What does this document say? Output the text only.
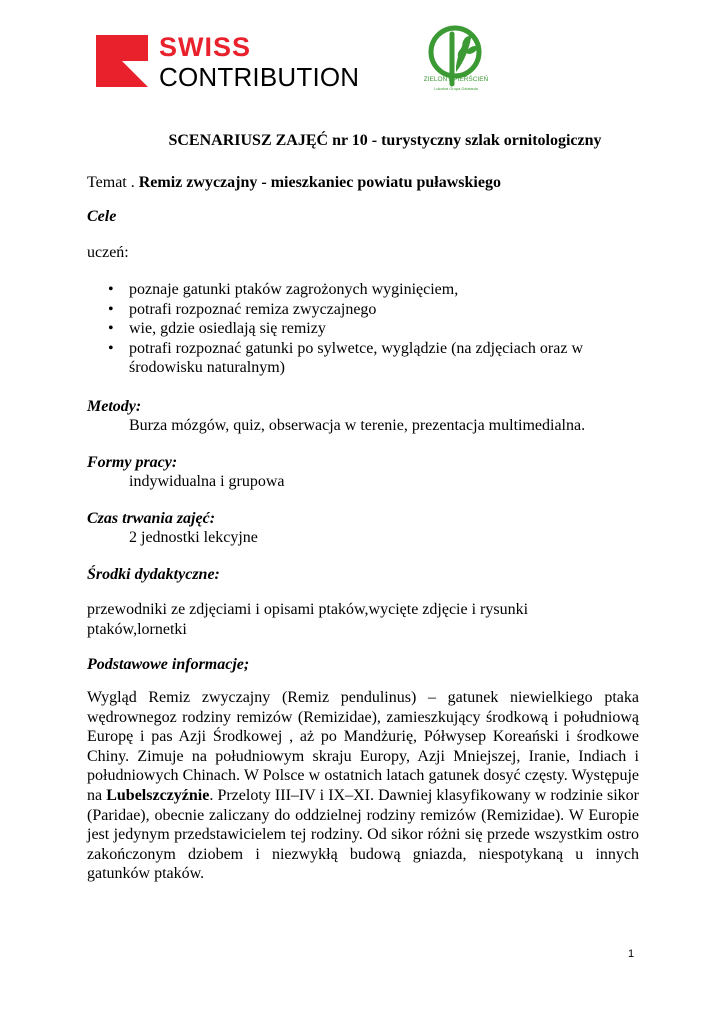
SWISS
CONTRIBUTION	ZIELONY PIERŚCIEŃ
Lokalna Grupa Działania
SCENARIUSZ ZAJĘĆ nr 10 - turystyczny szlak ornitologiczny
Temat . Remiz zwyczajny - mieszkaniec powiatu puławskiego
Cele
uczeń:
• poznaje gatunki ptaków zagrożonych wyginięciem,
• potrafi rozpoznać remiza zwyczajnego
• wie, gdzie osiedlają się remizy
• potrafi rozpoznać gatunki po sylwetce, wyglądzie (na zdjęciach oraz w środowisku naturalnym)
Metody:
Burza mózgów, quiz, obserwacja w terenie, prezentacja multimedialna.
Formy pracy:
indywidualna i grupowa
Czas trwania zajęć:
2 jednostki lekcyjne
Środki dydaktyczne:
przewodniki ze zdjęciami i opisami ptaków,wycięte zdjęcie i rysunki
ptaków,lornetki
Podstawowe informacje;
Wygląd Remiz zwyczajny (Remiz pendulinus) – gatunek niewielkiego ptaka wędrownegoz rodziny remizów (Remizidae), zamieszkujący środkową i południową Europę i pas Azji Środkowej , aż po Mandżurię, Półwysep Koreański i środkowe Chiny. Zimuje na południowym skraju Europy, Azji Mniejszej, Iranie, Indiach i południowych Chinach. W Polsce w ostatnich latach gatunek dosyć częsty. Występuje na Lubelszczyźnie. Przeloty III–IV i IX–XI. Dawniej klasyfikowany w rodzinie sikor (Paridae), obecnie zaliczany do oddzielnej rodziny remizów (Remizidae). W Europie jest jedynym przedstawicielem tej rodziny. Od sikor różni się przede wszystkim ostro zakończonym dziobem i niezwykłą budową gniazda, niespotykaną u innych gatunków ptaków.
1
